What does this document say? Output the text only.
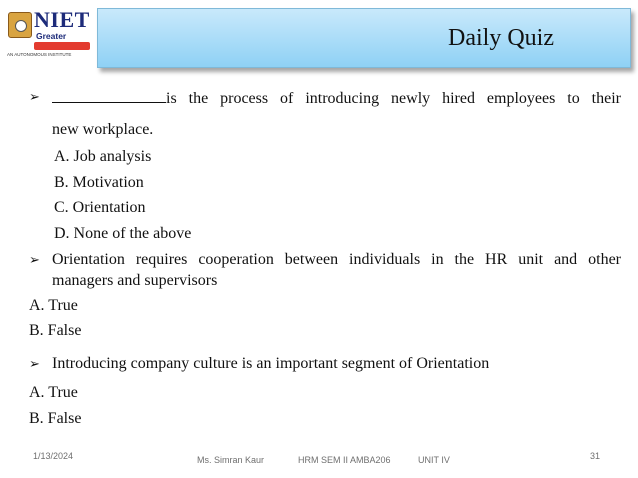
NIET
Greater
AN AUTONOMOUS INSTITUTE
Daily Quiz
➢	is the process of introducing newly hired employees to their
new workplace.
A. Job analysis
B. Motivation
C. Orientation
D. None of the above
➢ Orientation requires cooperation between individuals in the HR unit and other
managers and supervisors
A. True
B. False
➢ Introducing company culture is an important segment of Orientation
A. True
B. False
1/13/2024	Ms. Simran Kaur	HRM SEM II AMBA206	UNIT IV	31
